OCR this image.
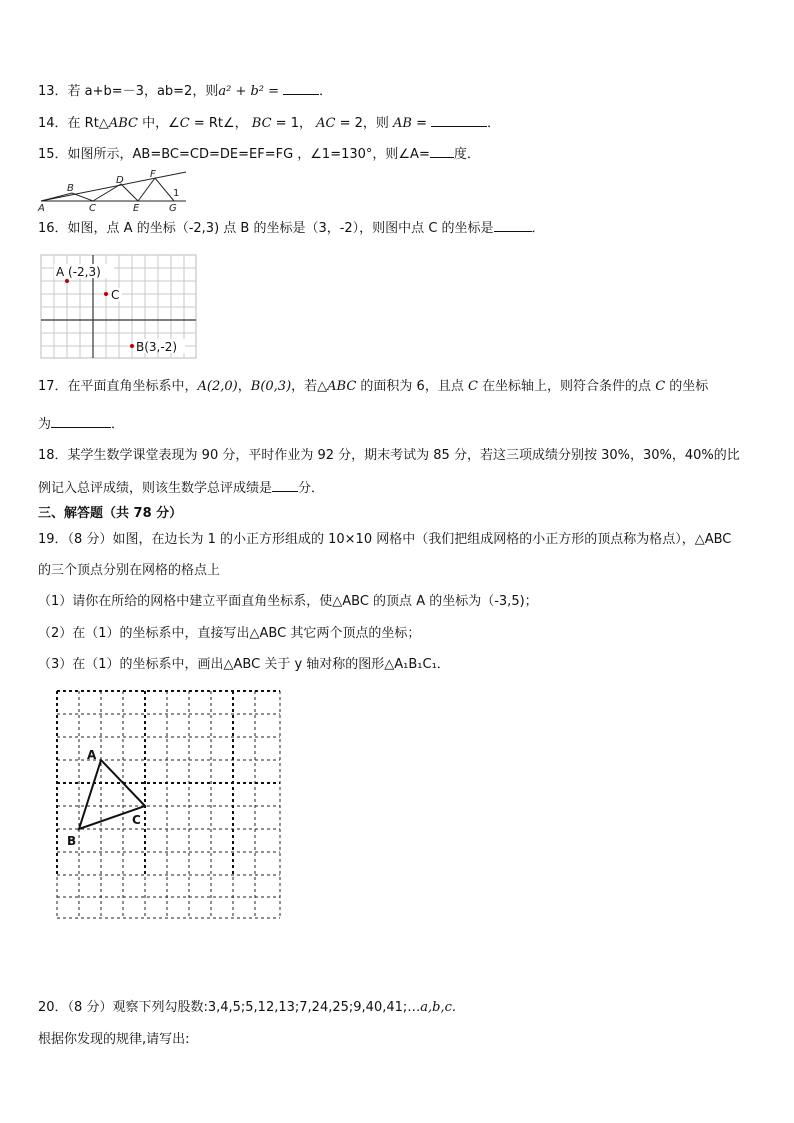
13．若 a+b=－3，ab=2，则a² + b² =	．
14．在 Rt△ABC 中，∠C = Rt∠， BC = 1， AC = 2，则 AB =	．
15．如图所示，AB=BC=CD=DE=EF=FG ，∠1=130°，则∠A= 度．
A
B
C
D
E
F
G
1
16．如图，点 A 的坐标（-2,3) 点 B 的坐标是（3，-2），则图中点 C 的坐标是	．
A (-2,3)
C
B(3,-2)
17．在平面直角坐标系中，A(2,0)，B(0,3)，若△ABC 的面积为 6，且点 C 在坐标轴上，则符合条件的点 C 的坐标
为	．
18．某学生数学课堂表现为 90 分，平时作业为 92 分，期末考试为 85 分，若这三项成绩分别按 30%，30%，40%的比
例记入总评成绩，则该生数学总评成绩是 分．
三、解答题（共 78 分）
19．（8 分）如图，在边长为 1 的小正方形组成的 10×10 网格中（我们把组成网格的小正方形的顶点称为格点），△ABC
的三个顶点分别在网格的格点上
（1）请你在所给的网格中建立平面直角坐标系，使△ABC 的顶点 A 的坐标为（-3,5)；
（2）在（1）的坐标系中，直接写出△ABC 其它两个顶点的坐标；
（3）在（1）的坐标系中，画出△ABC 关于 y 轴对称的图形△A₁B₁C₁．
A
B
C
20．（8 分）观察下列勾股数:3,4,5;5,12,13;7,24,25;9,40,41;…a,b,c.
根据你发现的规律,请写出:
